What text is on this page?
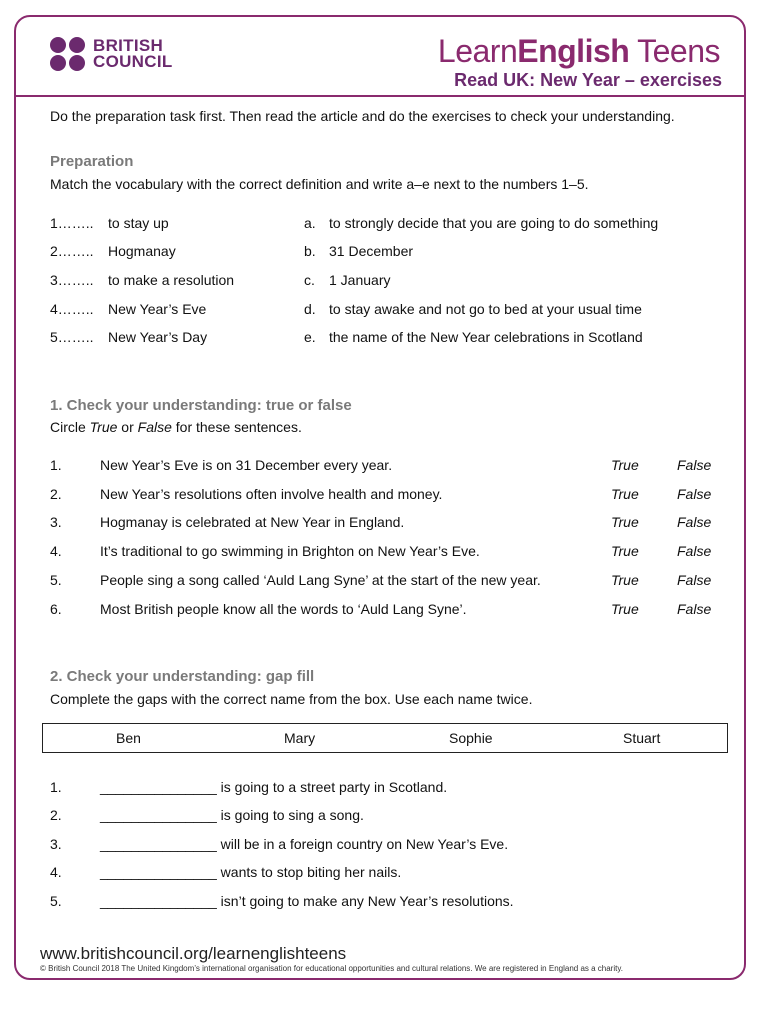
BRITISH
COUNCIL	LearnEnglish Teens
Read UK: New Year – exercises
Do the preparation task first. Then read the article and do the exercises to check your understanding.
Preparation
Match the vocabulary with the correct definition and write a–e next to the numbers 1–5.
1…….. to stay up
2…….. Hogmanay
3…….. to make a resolution
4…….. New Year’s Eve
5…….. New Year’s Day
a. to strongly decide that you are going to do something
b. 31 December
c. 1 January
d. to stay awake and not go to bed at your usual time
e. the name of the New Year celebrations in Scotland
1. Check your understanding: true or false
Circle True or False for these sentences.
1.	New Year’s Eve is on 31 December every year.	True	False
2.	New Year’s resolutions often involve health and money.	True	False
3.	Hogmanay is celebrated at New Year in England.	True	False
4.	It’s traditional to go swimming in Brighton on New Year’s Eve.	True	False
5.	People sing a song called ‘Auld Lang Syne’ at the start of the new year.	True	False
6.	Most British people know all the words to ‘Auld Lang Syne’.	True	False
2. Check your understanding: gap fill
Complete the gaps with the correct name from the box. Use each name twice.
Ben	Mary	Sophie	Stuart
1.	_______________ is going to a street party in Scotland.
2.	_______________ is going to sing a song.
3.	_______________ will be in a foreign country on New Year’s Eve.
4.	_______________ wants to stop biting her nails.
5.	_______________ isn’t going to make any New Year’s resolutions.
www.britishcouncil.org/learnenglishteens
© British Council 2018 The United Kingdom’s international organisation for educational opportunities and cultural relations. We are registered in England as a charity.
